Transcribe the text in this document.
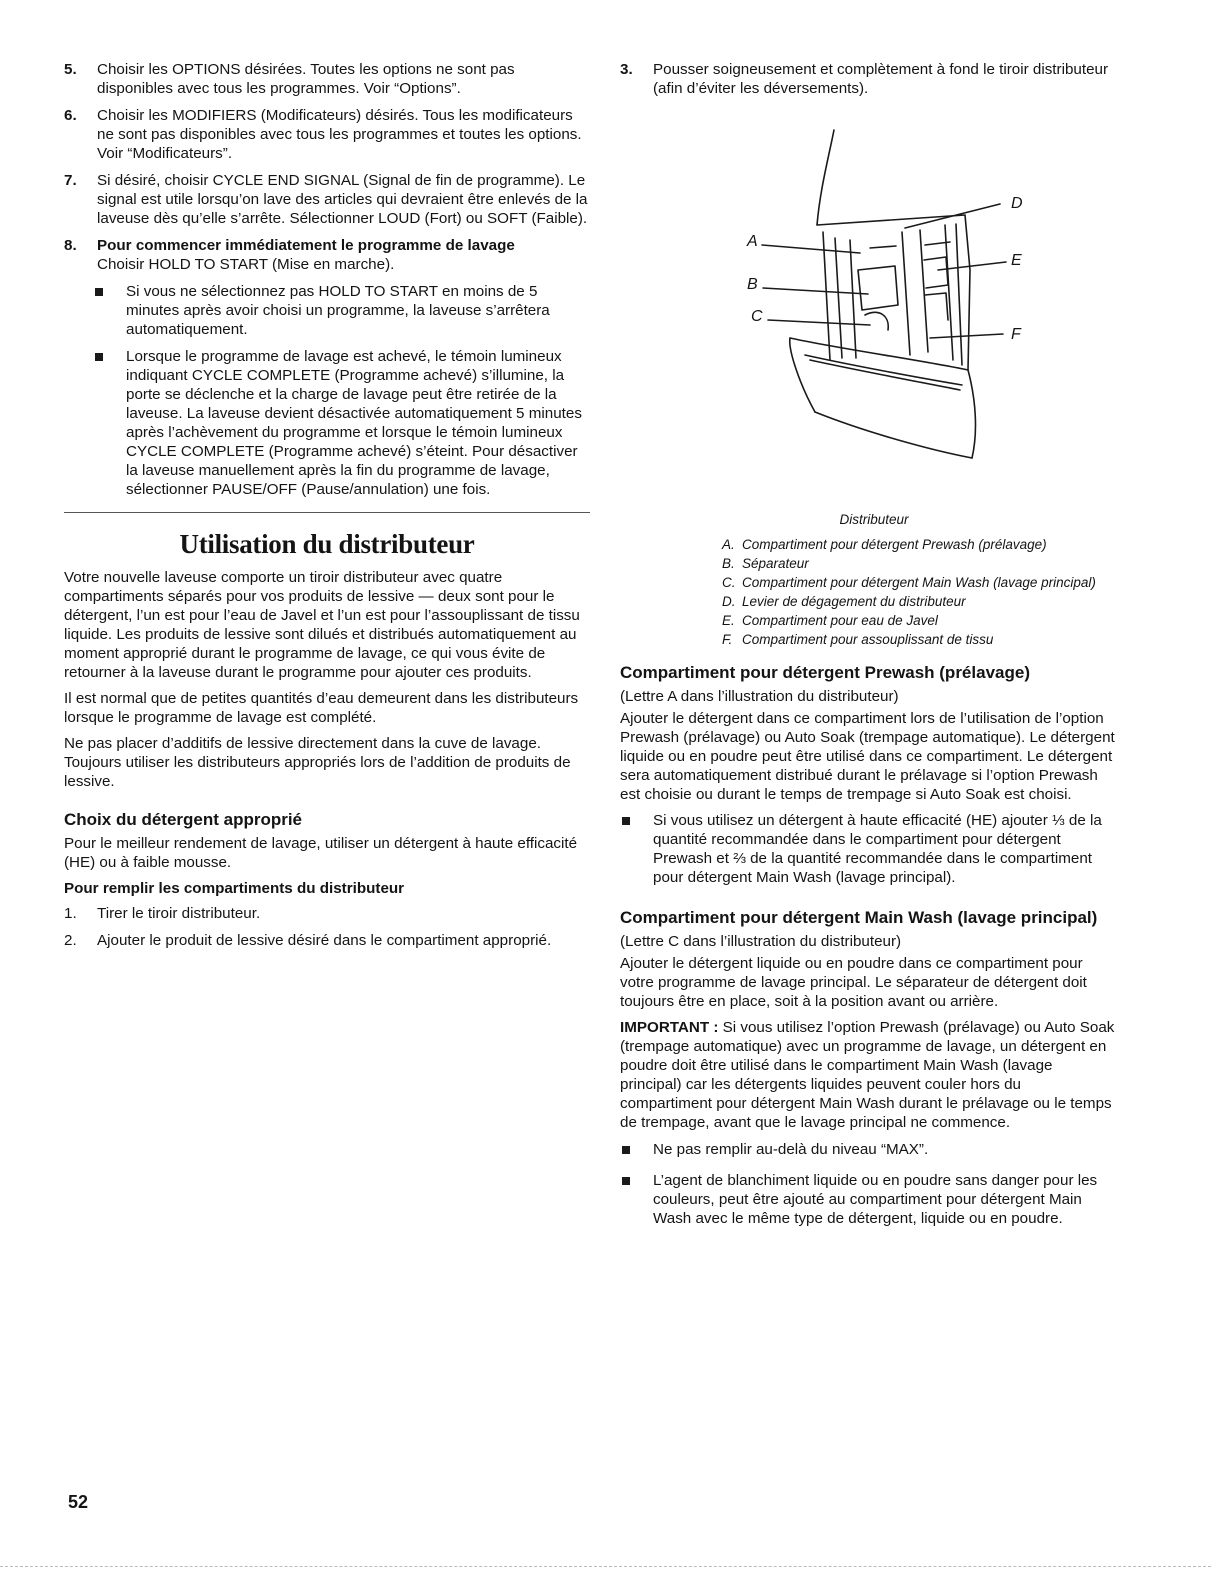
5. Choisir les OPTIONS désirées. Toutes les options ne sont pas disponibles avec tous les programmes. Voir “Options”.
6. Choisir les MODIFIERS (Modificateurs) désirés. Tous les modificateurs ne sont pas disponibles avec tous les programmes et toutes les options. Voir “Modificateurs”.
7. Si désiré, choisir CYCLE END SIGNAL (Signal de fin de programme). Le signal est utile lorsqu’on lave des articles qui devraient être enlevés de la laveuse dès qu’elle s’arrête. Sélectionner LOUD (Fort) ou SOFT (Faible).
8. Pour commencer immédiatement le programme de lavage
Choisir HOLD TO START (Mise en marche).
Si vous ne sélectionnez pas HOLD TO START en moins de 5 minutes après avoir choisi un programme, la laveuse s’arrêtera automatiquement.
Lorsque le programme de lavage est achevé, le témoin lumineux indiquant CYCLE COMPLETE (Programme achevé) s’illumine, la porte se déclenche et la charge de lavage peut être retirée de la laveuse. La laveuse devient désactivée automatiquement 5 minutes après l’achèvement du programme et lorsque le témoin lumineux CYCLE COMPLETE (Programme achevé) s’éteint. Pour désactiver la laveuse manuellement après la fin du programme de lavage, sélectionner PAUSE/OFF (Pause/annulation) une fois.
Utilisation du distributeur

Votre nouvelle laveuse comporte un tiroir distributeur avec quatre compartiments séparés pour vos produits de lessive — deux sont pour le détergent, l’un est pour l’eau de Javel et l’un est pour l’assouplissant de tissu liquide. Les produits de lessive sont dilués et distribués automatiquement au moment approprié durant le programme de lavage, ce qui vous évite de retourner à la laveuse durant le programme pour ajouter ces produits.

Il est normal que de petites quantités d’eau demeurent dans les distributeurs lorsque le programme de lavage est complété.

Ne pas placer d’additifs de lessive directement dans la cuve de lavage. Toujours utiliser les distributeurs appropriés lors de l’addition de produits de lessive.

Choix du détergent approprié

Pour le meilleur rendement de lavage, utiliser un détergent à haute efficacité (HE) ou à faible mousse.

Pour remplir les compartiments du distributeur
1. Tirer le tiroir distributeur.
2. Ajouter le produit de lessive désiré dans le compartiment approprié.
3. Pousser soigneusement et complètement à fond le tiroir distributeur (afin d’éviter les déversements).
A
B
C
D
E
F
Distributeur
A. Compartiment pour détergent Prewash (prélavage)
B. Séparateur
C. Compartiment pour détergent Main Wash (lavage principal)
D. Levier de dégagement du distributeur
E. Compartiment pour eau de Javel
F. Compartiment pour assouplissant de tissu
Compartiment pour détergent Prewash (prélavage)

(Lettre A dans l’illustration du distributeur)

Ajouter le détergent dans ce compartiment lors de l’utilisation de l’option Prewash (prélavage) ou Auto Soak (trempage automatique). Le détergent liquide ou en poudre peut être utilisé dans ce compartiment. Le détergent sera automatiquement distribué durant le prélavage si l’option Prewash est choisie ou durant le temps de trempage si Auto Soak est choisi.

Si vous utilisez un détergent à haute efficacité (HE) ajouter ⅓ de la quantité recommandée dans le compartiment pour détergent Prewash et ⅔ de la quantité recommandée dans le compartiment pour détergent Main Wash (lavage principal).
Compartiment pour détergent Main Wash (lavage principal)

(Lettre C dans l’illustration du distributeur)

Ajouter le détergent liquide ou en poudre dans ce compartiment pour votre programme de lavage principal. Le séparateur de détergent doit toujours être en place, soit à la position avant ou arrière.

IMPORTANT : Si vous utilisez l’option Prewash (prélavage) ou Auto Soak (trempage automatique) avec un programme de lavage, un détergent en poudre doit être utilisé dans le compartiment Main Wash (lavage principal) car les détergents liquides peuvent couler hors du compartiment pour détergent Main Wash durant le prélavage ou le temps de trempage, avant que le lavage principal ne commence.

Ne pas remplir au-delà du niveau “MAX”.
L’agent de blanchiment liquide ou en poudre sans danger pour les couleurs, peut être ajouté au compartiment pour détergent Main Wash avec le même type de détergent, liquide ou en poudre.
52
